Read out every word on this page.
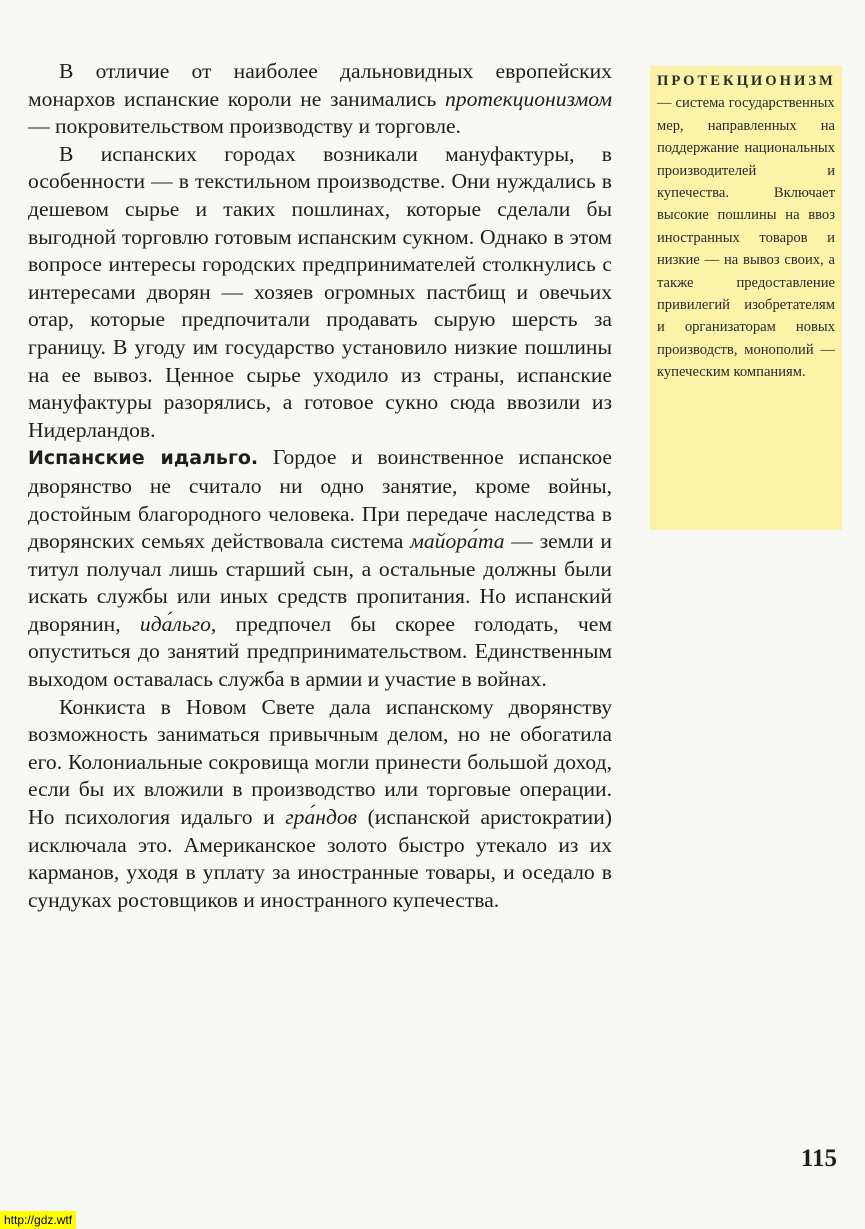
В отличие от наиболее дальновидных европейских монархов испанские короли не занимались протекционизмом — покровительством производству и торговле.

В испанских городах возникали мануфактуры, в особенности — в текстильном производстве. Они нуждались в дешевом сырье и таких пошлинах, которые сделали бы выгодной торговлю готовым испанским сукном. Однако в этом вопросе интересы городских предпринимателей столкнулись с интересами дворян — хозяев огромных пастбищ и овечьих отар, которые предпочитали продавать сырую шерсть за границу. В угоду им государство установило низкие пошлины на ее вывоз. Ценное сырье уходило из страны, испанские мануфактуры разорялись, а готовое сукно сюда ввозили из Нидерландов.

Испанские идальго. Гордое и воинственное испанское дворянство не считало ни одно занятие, кроме войны, достойным благородного человека. При передаче наследства в дворянских семьях действовала система майора́та — земли и титул получал лишь старший сын, а остальные должны были искать службы или иных средств пропитания. Но испанский дворянин, ида́льго, предпочел бы скорее голодать, чем опуститься до занятий предпринимательством. Единственным выходом оставалась служба в армии и участие в войнах.

Конкиста в Новом Свете дала испанскому дворянству возможность заниматься привычным делом, но не обогатила его. Колониальные сокровища могли принести большой доход, если бы их вложили в производство или торговые операции. Но психология идальго и гра́ндов (испанской аристократии) исключала это. Американское золото быстро утекало из их карманов, уходя в уплату за иностранные товары, и оседало в сундуках ростовщиков и иностранного купечества.

ПРОТЕКЦИОНИЗМ — система государственных мер, направленных на поддержание национальных производителей и купечества. Включает высокие пошлины на ввоз иностранных товаров и низкие — на вывоз своих, а также предоставление привилегий изобретателям и организаторам новых производств, монополий — купеческим компаниям.
115
http://gdz.wtf
